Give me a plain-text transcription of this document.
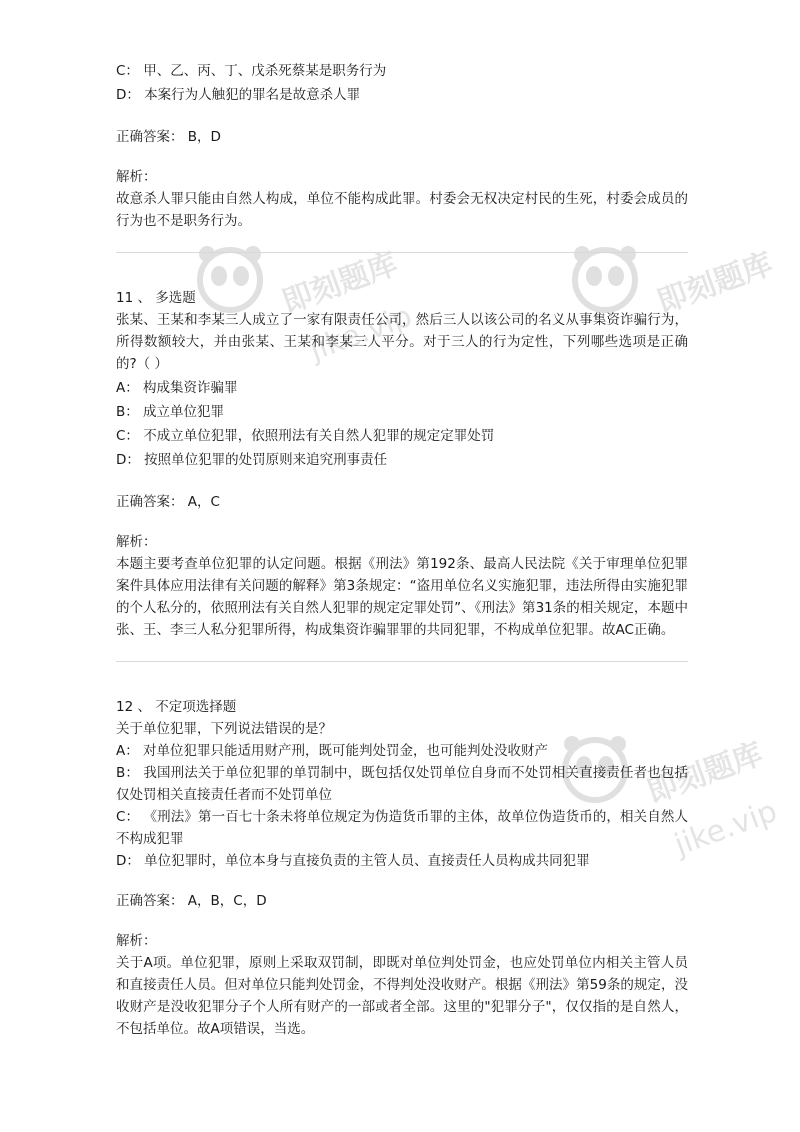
即刻题库
jike.vip
即刻题库
即刻题库
jike.vip

C： 甲、乙、丙、丁、戊杀死蔡某是职务行为

D： 本案行为人触犯的罪名是故意杀人罪

正确答案： B，D

解析：

故意杀人罪只能由自然人构成，单位不能构成此罪。村委会无权决定村民的生死，村委会成员的行为也不是职务行为。

11 、 多选题

张某、王某和李某三人成立了一家有限责任公司，然后三人以该公司的名义从事集资诈骗行为，所得数额较大，并由张某、王某和李某三人平分。对于三人的行为定性，下列哪些选项是正确的?（ ）

A： 构成集资诈骗罪

B： 成立单位犯罪

C： 不成立单位犯罪，依照刑法有关自然人犯罪的规定定罪处罚

D： 按照单位犯罪的处罚原则来追究刑事责任

正确答案： A，C

解析：

本题主要考查单位犯罪的认定问题。根据《刑法》第192条、最高人民法院《关于审理单位犯罪案件具体应用法律有关问题的解释》第3条规定：“盗用单位名义实施犯罪，违法所得由实施犯罪的个人私分的，依照刑法有关自然人犯罪的规定定罪处罚”、《刑法》第31条的相关规定，本题中张、王、李三人私分犯罪所得，构成集资诈骗罪罪的共同犯罪，不构成单位犯罪。故AC正确。

12 、 不定项选择题

关于单位犯罪，下列说法错误的是？

A： 对单位犯罪只能适用财产刑，既可能判处罚金，也可能判处没收财产

B： 我国刑法关于单位犯罪的单罚制中，既包括仅处罚单位自身而不处罚相关直接责任者也包括仅处罚相关直接责任者而不处罚单位

C： 《刑法》第一百七十条未将单位规定为伪造货币罪的主体，故单位伪造货币的，相关自然人不构成犯罪

D： 单位犯罪时，单位本身与直接负责的主管人员、直接责任人员构成共同犯罪

正确答案： A，B，C，D

解析：

关于A项。单位犯罪，原则上采取双罚制，即既对单位判处罚金，也应处罚单位内相关主管人员和直接责任人员。但对单位只能判处罚金，不得判处没收财产。根据《刑法》第59条的规定，没收财产是没收犯罪分子个人所有财产的一部或者全部。这里的"犯罪分子"，仅仅指的是自然人，不包括单位。故A项错误，当选。
